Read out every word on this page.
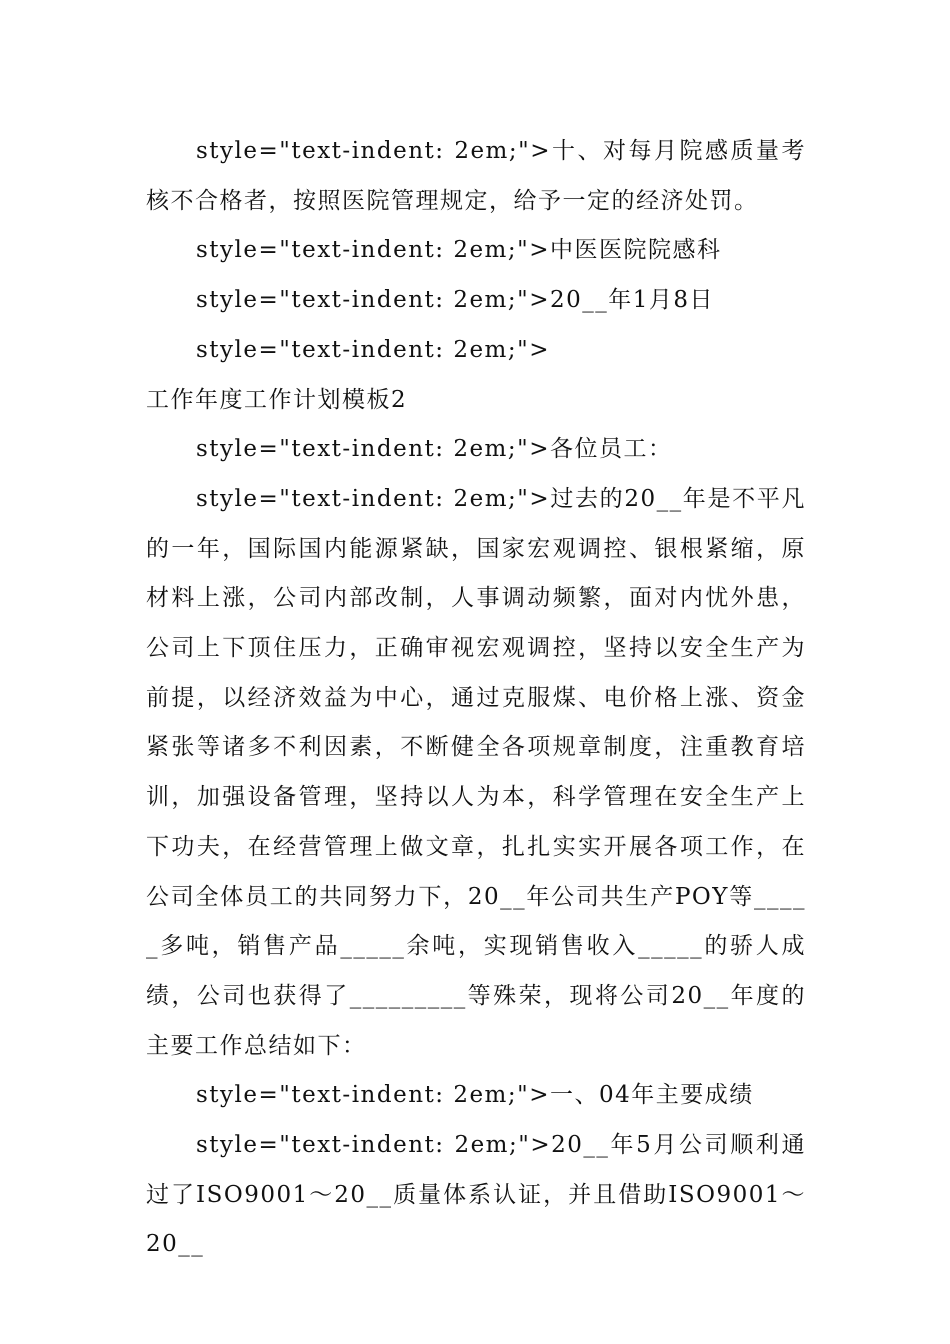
style="text-indent: 2em;">十、对每月院感质量考核不合格者，按照医院管理规定，给予一定的经济处罚。

style="text-indent: 2em;">中医医院院感科

style="text-indent: 2em;">20__年1月8日

style="text-indent: 2em;">

工作年度工作计划模板2

style="text-indent: 2em;">各位员工：

style="text-indent: 2em;">过去的20__年是不平凡的一年，国际国内能源紧缺，国家宏观调控、银根紧缩，原材料上涨，公司内部改制，人事调动频繁，面对内忧外患，公司上下顶住压力，正确审视宏观调控，坚持以安全生产为前提，以经济效益为中心，通过克服煤、电价格上涨、资金紧张等诸多不利因素，不断健全各项规章制度，注重教育培训，加强设备管理，坚持以人为本，科学管理在安全生产上下功夫，在经营管理上做文章，扎扎实实开展各项工作，在公司全体员工的共同努力下，20__年公司共生产POY等_____多吨，销售产品_____余吨，实现销售收入_____的骄人成绩，公司也获得了_________等殊荣，现将公司20__年度的主要工作总结如下：

style="text-indent: 2em;">一、04年主要成绩

style="text-indent: 2em;">20__年5月公司顺利通过了ISO9001～20__质量体系认证，并且借助ISO9001～20__
